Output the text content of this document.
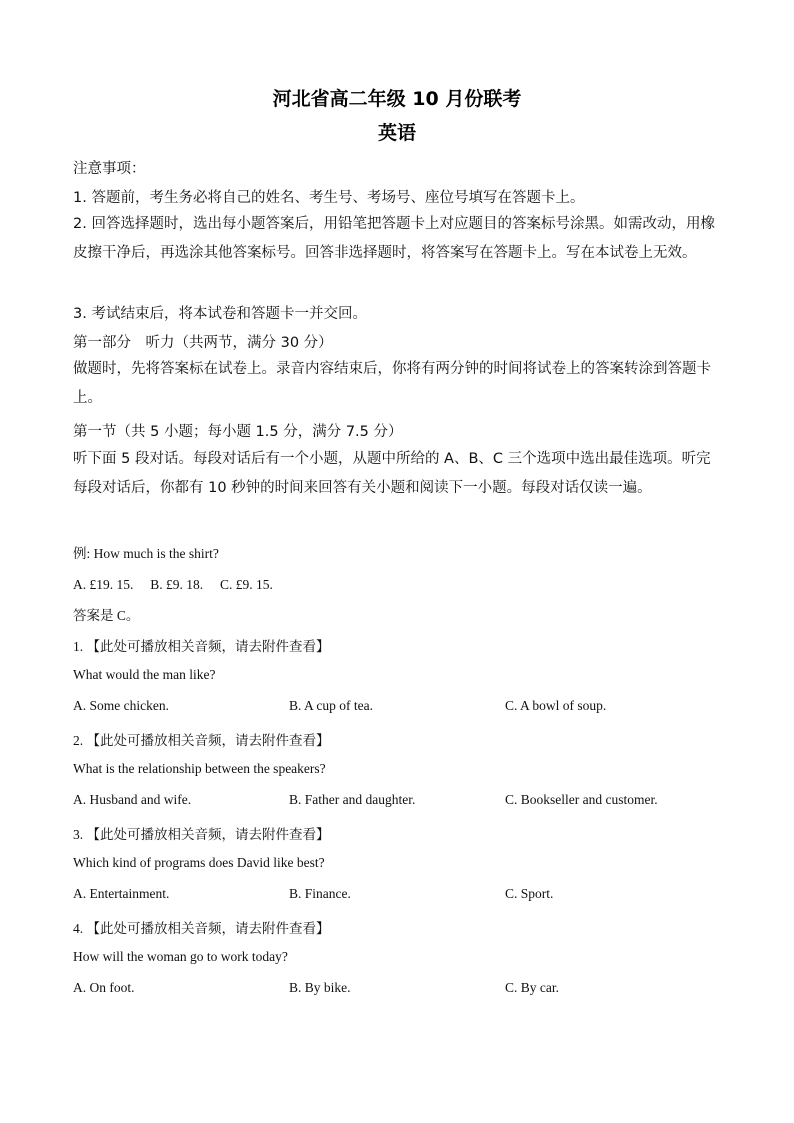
河北省高二年级 10 月份联考
英语
注意事项：
1. 答题前，考生务必将自己的姓名、考生号、考场号、座位号填写在答题卡上。
2. 回答选择题时，选出每小题答案后，用铅笔把答题卡上对应题目的答案标号涂黑。如需改动，用橡皮擦干净后，再选涂其他答案标号。回答非选择题时，将答案写在答题卡上。写在本试卷上无效。
3. 考试结束后，将本试卷和答题卡一并交回。
第一部分　听力（共两节，满分 30 分）
做题时，先将答案标在试卷上。录音内容结束后，你将有两分钟的时间将试卷上的答案转涂到答题卡上。
第一节（共 5 小题；每小题 1.5 分，满分 7.5 分）
听下面 5 段对话。每段对话后有一个小题，从题中所给的 A、B、C 三个选项中选出最佳选项。听完每段对话后，你都有 10 秒钟的时间来回答有关小题和阅读下一小题。每段对话仅读一遍。
例: How much is the shirt?
A. £19. 15.　 B. £9. 18.　 C. £9. 15.
答案是 C。
1. 【此处可播放相关音频，请去附件查看】
What would the man like?
A. Some chicken.	B. A cup of tea.	C. A bowl of soup.
2. 【此处可播放相关音频，请去附件查看】
What is the relationship between the speakers?
A. Husband and wife.	B. Father and daughter.	C. Bookseller and customer.
3. 【此处可播放相关音频，请去附件查看】
Which kind of programs does David like best?
A. Entertainment.	B. Finance.	C. Sport.
4. 【此处可播放相关音频，请去附件查看】
How will the woman go to work today?
A. On foot.	B. By bike.	C. By car.
